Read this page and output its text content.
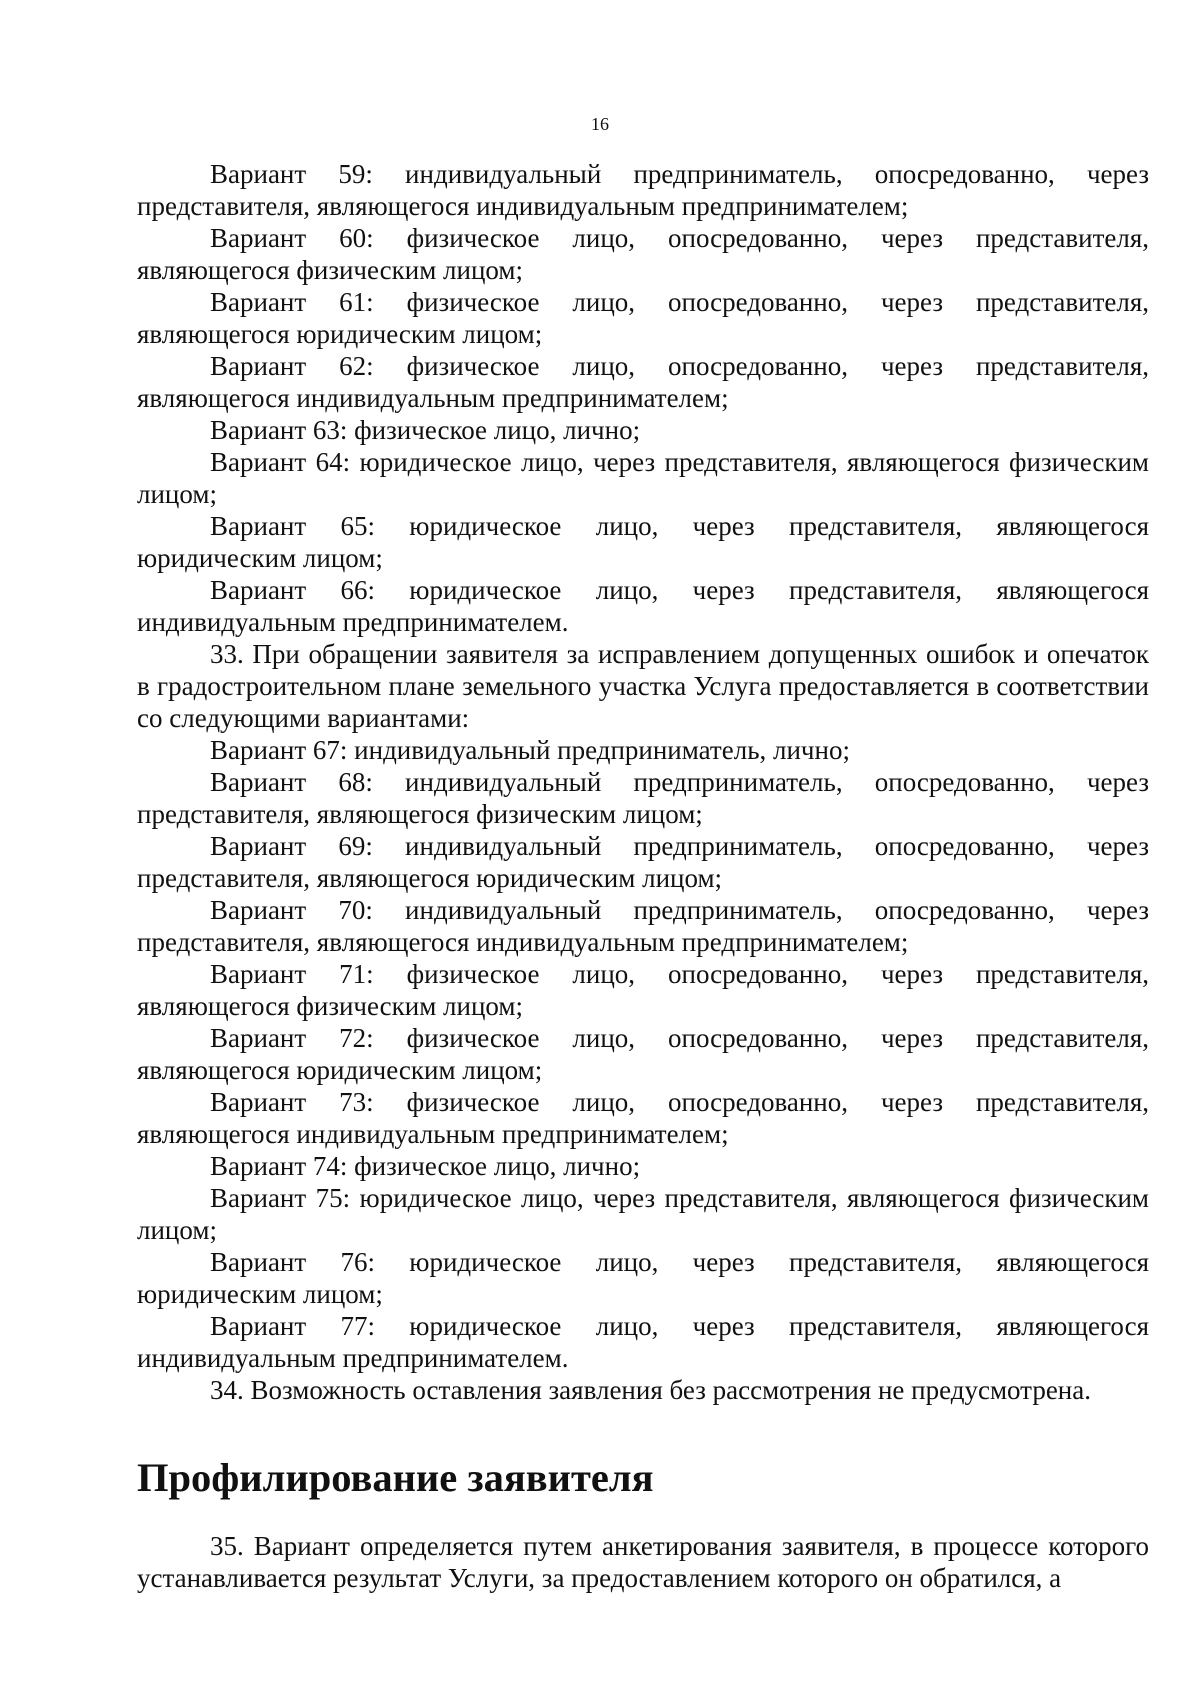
16

Вариант 59: индивидуальный предприниматель, опосредованно, через представителя, являющегося индивидуальным предпринимателем;

Вариант 60: физическое лицо, опосредованно, через представителя, являющегося физическим лицом;

Вариант 61: физическое лицо, опосредованно, через представителя, являющегося юридическим лицом;

Вариант 62: физическое лицо, опосредованно, через представителя, являющегося индивидуальным предпринимателем;

Вариант 63: физическое лицо, лично;

Вариант 64: юридическое лицо, через представителя, являющегося физическим лицом;

Вариант 65: юридическое лицо, через представителя, являющегося юридическим лицом;

Вариант 66: юридическое лицо, через представителя, являющегося индивидуальным предпринимателем.

33. При обращении заявителя за исправлением допущенных ошибок и опечаток в градостроительном плане земельного участка Услуга предоставляется в соответствии со следующими вариантами:

Вариант 67: индивидуальный предприниматель, лично;

Вариант 68: индивидуальный предприниматель, опосредованно, через представителя, являющегося физическим лицом;

Вариант 69: индивидуальный предприниматель, опосредованно, через представителя, являющегося юридическим лицом;

Вариант 70: индивидуальный предприниматель, опосредованно, через представителя, являющегося индивидуальным предпринимателем;

Вариант 71: физическое лицо, опосредованно, через представителя, являющегося физическим лицом;

Вариант 72: физическое лицо, опосредованно, через представителя, являющегося юридическим лицом;

Вариант 73: физическое лицо, опосредованно, через представителя, являющегося индивидуальным предпринимателем;

Вариант 74: физическое лицо, лично;

Вариант 75: юридическое лицо, через представителя, являющегося физическим лицом;

Вариант 76: юридическое лицо, через представителя, являющегося юридическим лицом;

Вариант 77: юридическое лицо, через представителя, являющегося индивидуальным предпринимателем.

34. Возможность оставления заявления без рассмотрения не предусмотрена.

Профилирование заявителя

35. Вариант определяется путем анкетирования заявителя, в процессе которого устанавливается результат Услуги, за предоставлением которого он обратился, а
